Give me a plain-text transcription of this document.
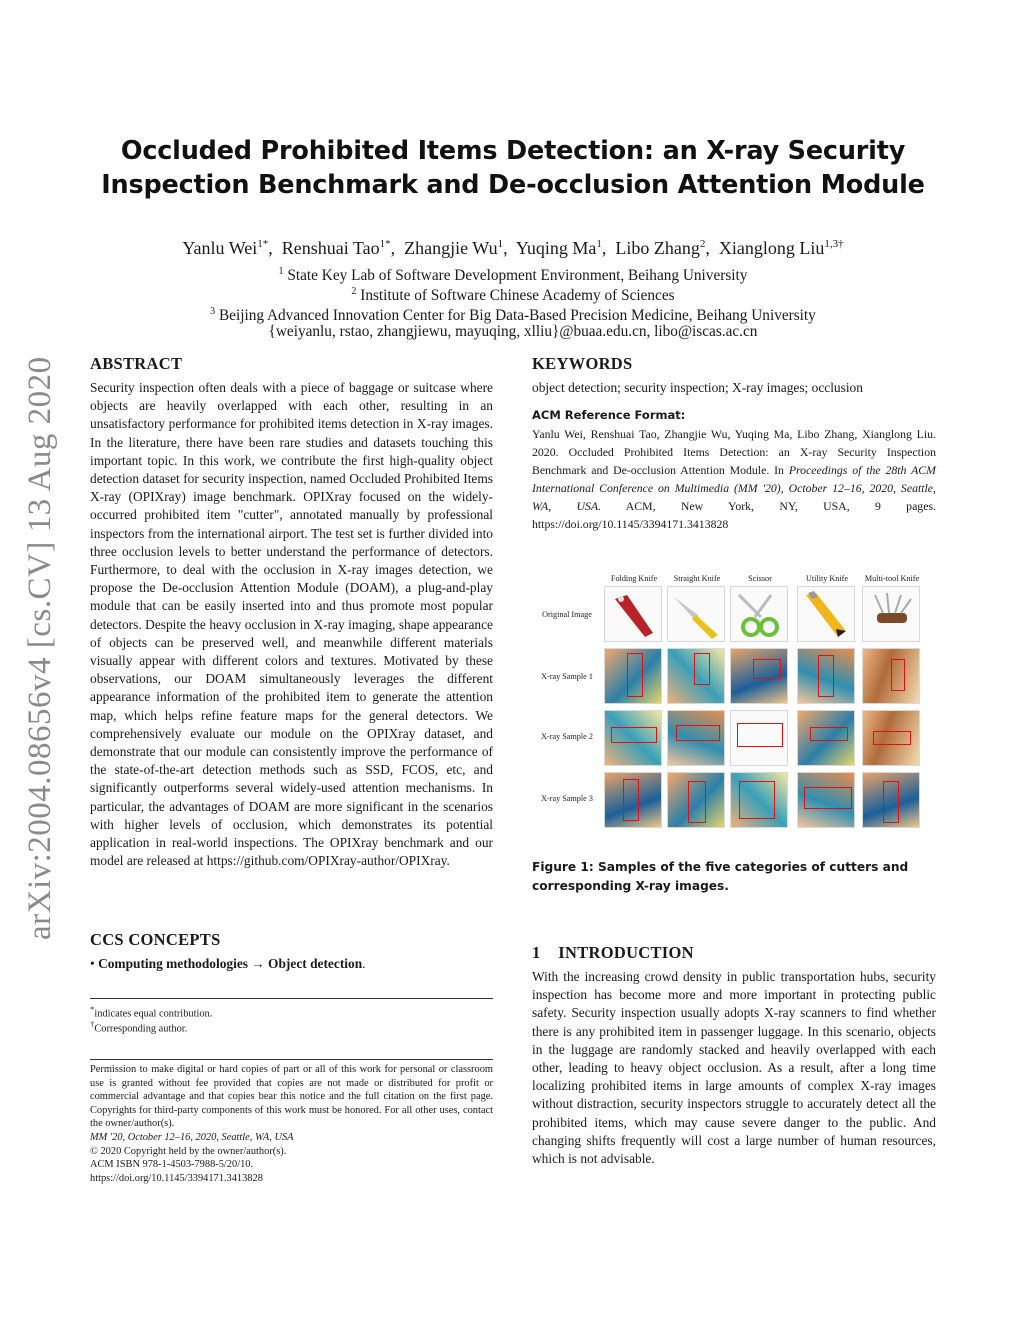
arXiv:2004.08656v4 [cs.CV] 13 Aug 2020
Occluded Prohibited Items Detection: an X-ray Security
Inspection Benchmark and De-occlusion Attention Module
Yanlu Wei$^{1*}$, Renshuai Tao$^{1*}$, Zhangjie Wu$^1$, Yuqing Ma$^1$, Libo Zhang$^2$, Xianglong Liu$^{1,3\dagger}$
$^1$ State Key Lab of Software Development Environment, Beihang University
$^2$ Institute of Software Chinese Academy of Sciences
$^3$ Beijing Advanced Innovation Center for Big Data-Based Precision Medicine, Beihang University
{weiyanlu, rstao, zhangjiewu, mayuqing, xlliu}@buaa.edu.cn, libo@iscas.ac.cn
ABSTRACT
Security inspection often deals with a piece of baggage or suitcase where objects are heavily overlapped with each other, resulting in an unsatisfactory performance for prohibited items detection in X-ray images. In the literature, there have been rare studies and datasets touching this important topic. In this work, we contribute the first high-quality object detection dataset for security inspection, named Occluded Prohibited Items X-ray (OPIXray) image benchmark. OPIXray focused on the widely-occurred prohibited item "cutter", annotated manually by professional inspectors from the international airport. The test set is further divided into three occlusion levels to better understand the performance of detectors. Furthermore, to deal with the occlusion in X-ray images detection, we propose the De-occlusion Attention Module (DOAM), a plug-and-play module that can be easily inserted into and thus promote most popular detectors. Despite the heavy occlusion in X-ray imaging, shape appearance of objects can be preserved well, and meanwhile different materials visually appear with different colors and textures. Motivated by these observations, our DOAM simultaneously leverages the different appearance information of the prohibited item to generate the attention map, which helps refine feature maps for the general detectors. We comprehensively evaluate our module on the OPIXray dataset, and demonstrate that our module can consistently improve the performance of the state-of-the-art detection methods such as SSD, FCOS, etc, and significantly outperforms several widely-used attention mechanisms. In particular, the advantages of DOAM are more significant in the scenarios with higher levels of occlusion, which demonstrates its potential application in real-world inspections. The OPIXray benchmark and our model are released at https://github.com/OPIXray-author/OPIXray.
CCS CONCEPTS
• Computing methodologies → Object detection.
*indicates equal contribution.
†Corresponding author.
Permission to make digital or hard copies of part or all of this work for personal or classroom use is granted without fee provided that copies are not made or distributed for profit or commercial advantage and that copies bear this notice and the full citation on the first page. Copyrights for third-party components of this work must be honored. For all other uses, contact the owner/author(s).
MM '20, October 12–16, 2020, Seattle, WA, USA
© 2020 Copyright held by the owner/author(s).
ACM ISBN 978-1-4503-7988-5/20/10.
https://doi.org/10.1145/3394171.3413828
KEYWORDS
object detection; security inspection; X-ray images; occlusion
ACM Reference Format:
Yanlu Wei, Renshuai Tao, Zhangjie Wu, Yuqing Ma, Libo Zhang, Xianglong Liu. 2020. Occluded Prohibited Items Detection: an X-ray Security Inspection Benchmark and De-occlusion Attention Module. In Proceedings of the 28th ACM International Conference on Multimedia (MM '20), October 12–16, 2020, Seattle, WA, USA. ACM, New York, NY, USA, 9 pages. https://doi.org/10.1145/3394171.3413828
Folding Knife	Straight Knife	Scissor	Utility Knife	Multi-tool Knife
Original Image
X-ray Sample 1
X-ray Sample 2
X-ray Sample 3
Figure 1: Samples of the five categories of cutters and corresponding X-ray images.
1 INTRODUCTION
With the increasing crowd density in public transportation hubs, security inspection has become more and more important in protecting public safety. Security inspection usually adopts X-ray scanners to find whether there is any prohibited item in passenger luggage. In this scenario, objects in the luggage are randomly stacked and heavily overlapped with each other, leading to heavy object occlusion. As a result, after a long time localizing prohibited items in large amounts of complex X-ray images without distraction, security inspectors struggle to accurately detect all the prohibited items, which may cause severe danger to the public. And changing shifts frequently will cost a large number of human resources, which is not advisable.
